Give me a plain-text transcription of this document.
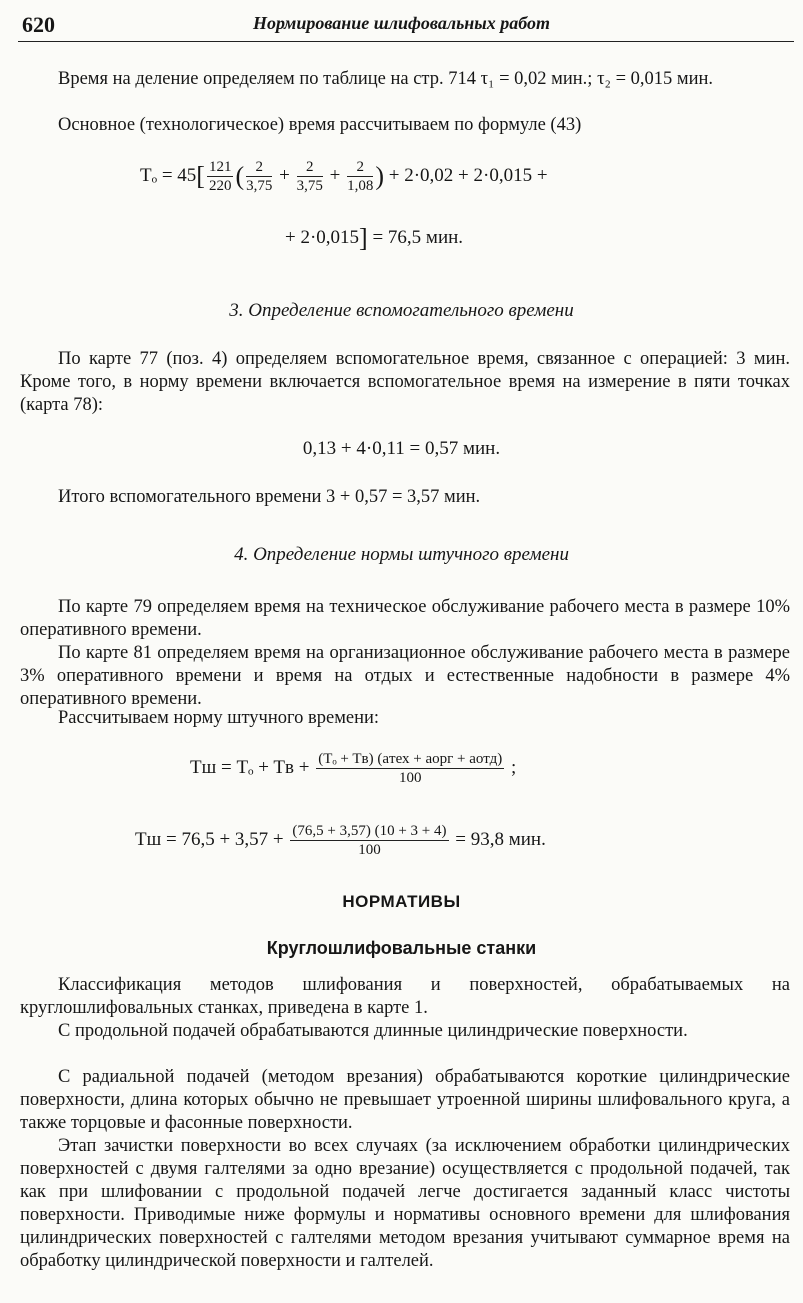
620	Нормирование шлифовальных работ
Время на деление определяем по таблице на стр. 714 τ₁ = 0,02 мин.; τ₂ = 0,015 мин.
Основное (технологическое) время рассчитываем по формуле (43)
$T_o = 45[ \frac{121}{220}$ ( $\frac{2}{3,75} + \frac{2}{3,75} + \frac{2}{1,08}$ ) + 2·0,02 + 2·0,015 +
+ 2·0,015] = 76,5 мин.
3. Определение вспомогательного времени
По карте 77 (поз. 4) определяем вспомогательное время, связанное с операцией: 3 мин. Кроме того, в норму времени включается вспомогательное время на измерение в пяти точках (карта 78):
0,13 + 4·0,11 = 0,57 мин.
Итого вспомогательного времени 3 + 0,57 = 3,57 мин.
4. Определение нормы штучного времени
По карте 79 определяем время на техническое обслуживание рабочего места в размере 10% оперативного времени.
По карте 81 определяем время на организационное обслуживание рабочего места в размере 3% оперативного времени и время на отдых и естественные надобности в размере 4% оперативного времени.
Рассчитываем норму штучного времени:
Tш = Tₒ + Tв + $\frac{\text{(Tₒ + Tв) (aтех + aорг + aотд)}}{100}$ ;
Tш = $76,5 + 3,57 + \frac{(76,5 + 3,57) (10 + 3 + 4)}{100} = 93,8$ мин.
НОРМАТИВЫ
Круглошлифовальные станки
Классификация методов шлифования и поверхностей, обрабатываемых на круглошлифовальных станках, приведена в карте 1.
С продольной подачей обрабатываются длинные цилиндрические поверхности.
С радиальной подачей (методом врезания) обрабатываются короткие цилиндрические поверхности, длина которых обычно не превышает утроенной ширины шлифовального круга, а также торцовые и фасонные поверхности.
Этап зачистки поверхности во всех случаях (за исключением обработки цилиндрических поверхностей с двумя галтелями за одно врезание) осуществляется с продольной подачей, так как при шлифовании с продольной подачей легче достигается заданный класс чистоты поверхности. Приводимые ниже формулы и нормативы основного времени для шлифования цилиндрических поверхностей с галтелями методом врезания учитывают суммарное время на обработку цилиндрической поверхности и галтелей.
